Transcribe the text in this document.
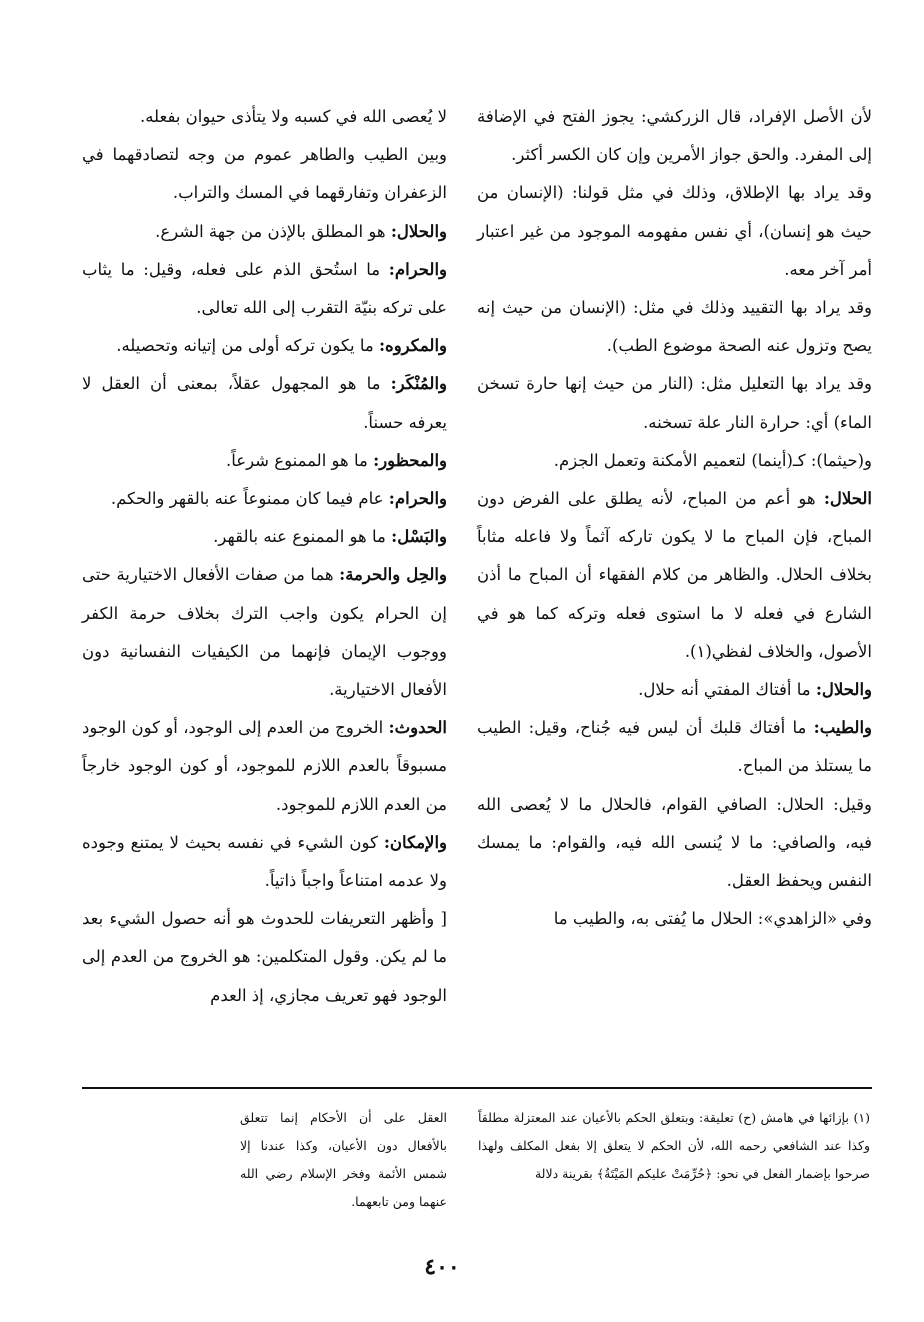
لأن الأصل الإفراد، قال الزركشي: يجوز الفتح في الإضافة إلى المفرد. والحق جواز الأمرين وإن كان الكسر أكثر.

وقد يراد بها الإطلاق، وذلك في مثل قولنا: (الإنسان من حيث هو إنسان)، أي نفس مفهومه الموجود من غير اعتبار أمر آخر معه.

وقد يراد بها التقييد وذلك في مثل: (الإنسان من حيث إنه يصح وتزول عنه الصحة موضوع الطب).

وقد يراد بها التعليل مثل: (النار من حيث إنها حارة تسخن الماء) أي: حرارة النار علة تسخنه.

و(حيثما): كـ(أينما) لتعميم الأمكنة وتعمل الجزم.

الحلال: هو أعم من المباح، لأنه يطلق على الفرض دون المباح، فإن المباح ما لا يكون تاركه آثماً ولا فاعله مثاباً بخلاف الحلال. والظاهر من كلام الفقهاء أن المباح ما أذن الشارع في فعله لا ما استوى فعله وتركه كما هو في الأصول، والخلاف لفظي(١).

والحلال: ما أفتاك المفتي أنه حلال.

والطيب: ما أفتاك قلبك أن ليس فيه جُناح، وقيل: الطيب ما يستلذ من المباح.

وقيل: الحلال: الصافي القوام، فالحلال ما لا يُعصى الله فيه، والصافي: ما لا يُنسى الله فيه، والقوام: ما يمسك النفس ويحفظ العقل.

وفي «الزاهدي»: الحلال ما يُفتى به، والطيب ما

لا يُعصى الله في كسبه ولا يتأذى حيوان بفعله.

وبين الطيب والطاهر عموم من وجه لتصادقهما في الزعفران وتفارقهما في المسك والتراب.

والحلال: هو المطلق بالإذن من جهة الشرع.

والحرام: ما استُحق الذم على فعله، وقيل: ما يثاب على تركه بنيّة التقرب إلى الله تعالى.

والمكروه: ما يكون تركه أولى من إتيانه وتحصيله.

والمُنْكَر: ما هو المجهول عقلاً، بمعنى أن العقل لا يعرفه حسناً.

والمحظور: ما هو الممنوع شرعاً.

والحرام: عام فيما كان ممنوعاً عنه بالقهر والحكم.

والبَسْل: ما هو الممنوع عنه بالقهر.

والحِل والحرمة: هما من صفات الأفعال الاختيارية حتى إن الحرام يكون واجب الترك بخلاف حرمة الكفر ووجوب الإيمان فإنهما من الكيفيات النفسانية دون الأفعال الاختيارية.

الحدوث: الخروج من العدم إلى الوجود، أو كون الوجود مسبوقاً بالعدم اللازم للموجود، أو كون الوجود خارجاً من العدم اللازم للموجود.

والإمكان: كون الشيء في نفسه بحيث لا يمتنع وجوده ولا عدمه امتناعاً واجباً ذاتياً.

[ وأظهر التعريفات للحدوث هو أنه حصول الشيء بعد ما لم يكن. وقول المتكلمين: هو الخروج من العدم إلى الوجود فهو تعريف مجازي، إذ العدم

(١) بإزائها في هامش (ح) تعليقة: وبتعلق الحكم بالأعيان عند المعتزلة مطلقاً وكذا عند الشافعي رحمه الله، لأن الحكم لا يتعلق إلا بفعل المكلف ولهذا صرحوا بإضمار الفعل في نحو: ﴿حُرِّمَتْ عليكم المَيْتَةُ﴾ بقرينة دلالة
العقل على أن الأحكام إنما تتعلق بالأفعال دون الأعيان، وكذا عندنا إلا شمس الأئمة وفخر الإسلام رضي الله عنهما ومن تابعهما.
٤٠٠
